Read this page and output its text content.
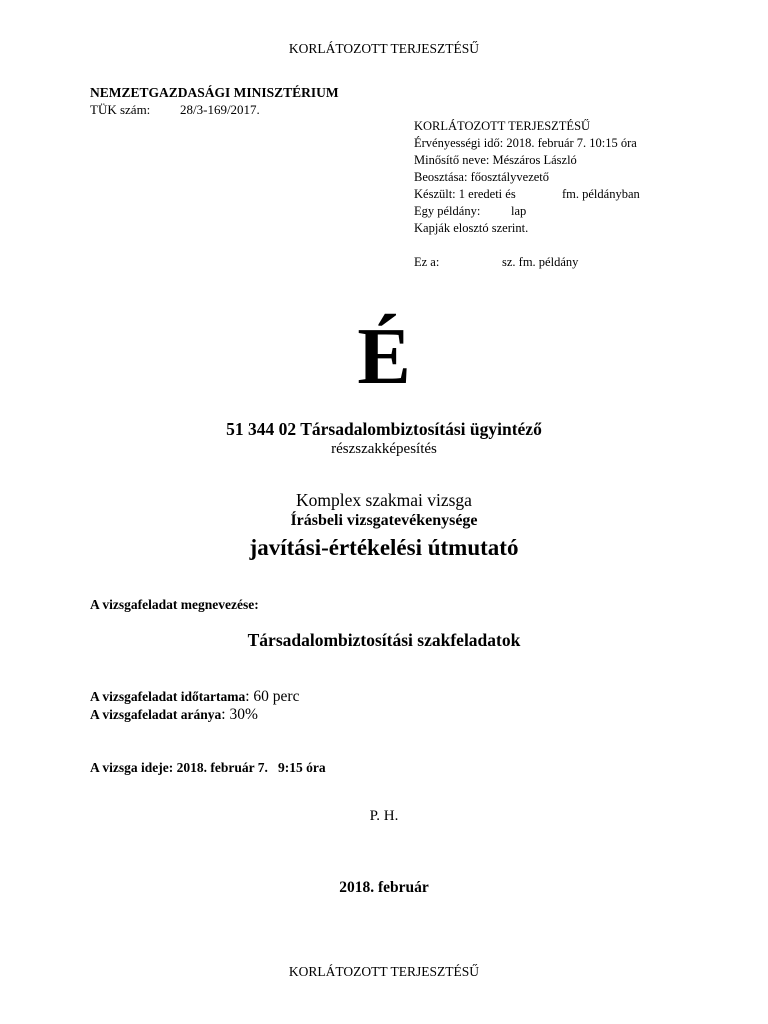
KORLÁTOZOTT TERJESZTÉSŰ
NEMZETGAZDASÁGI MINISZTÉRIUM
TÜK szám: 28/3-169/2017.
KORLÁTOZOTT TERJESZTÉSŰ
Érvényességi idő: 2018. február 7. 10:15 óra
Minősítő neve: Mészáros László
Beosztása: főosztályvezető
Készült: 1 eredeti és	fm. példányban
Egy példány: lap
Kapják elosztó szerint.
Ez a:	sz. fm. példány
É
51 344 02 Társadalombiztosítási ügyintéző
részszakképesítés
Komplex szakmai vizsga
Írásbeli vizsgatevékenysége
javítási-értékelési útmutató
A vizsgafeladat megnevezése:
Társadalombiztosítási szakfeladatok
A vizsgafeladat időtartama: 60 perc
A vizsgafeladat aránya: 30%
A vizsga ideje: 2018. február 7.   9:15 óra
P. H.
2018. február
KORLÁTOZOTT TERJESZTÉSŰ
